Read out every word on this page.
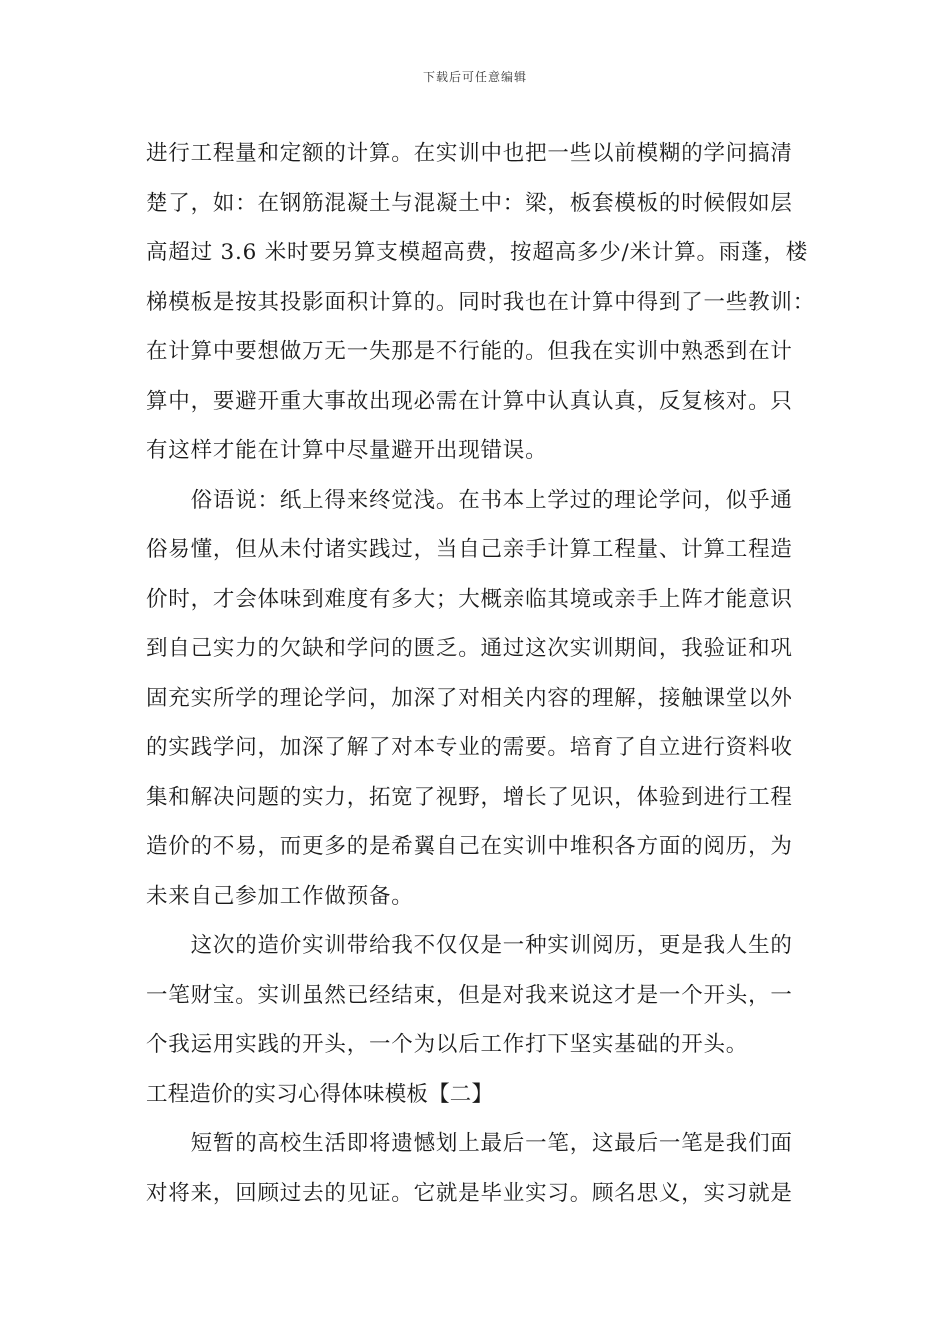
下载后可任意编辑
进行工程量和定额的计算。在实训中也把一些以前模糊的学问搞清
楚了，如：在钢筋混凝土与混凝土中：梁，板套模板的时候假如层
高超过 3.6 米时要另算支模超高费，按超高多少/米计算。雨蓬，楼
梯模板是按其投影面积计算的。同时我也在计算中得到了一些教训：
在计算中要想做万无一失那是不行能的。但我在实训中熟悉到在计
算中，要避开重大事故出现必需在计算中认真认真，反复核对。只
有这样才能在计算中尽量避开出现错误。
　　俗语说：纸上得来终觉浅。在书本上学过的理论学问，似乎通
俗易懂，但从未付诸实践过，当自己亲手计算工程量、计算工程造
价时，才会体味到难度有多大；大概亲临其境或亲手上阵才能意识
到自己实力的欠缺和学问的匮乏。通过这次实训期间，我验证和巩
固充实所学的理论学问，加深了对相关内容的理解，接触课堂以外
的实践学问，加深了解了对本专业的需要。培育了自立进行资料收
集和解决问题的实力，拓宽了视野，增长了见识，体验到进行工程
造价的不易，而更多的是希翼自己在实训中堆积各方面的阅历，为
未来自己参加工作做预备。
　　这次的造价实训带给我不仅仅是一种实训阅历，更是我人生的
一笔财宝。实训虽然已经结束，但是对我来说这才是一个开头，一
个我运用实践的开头，一个为以后工作打下坚实基础的开头。
工程造价的实习心得体味模板【二】
　　短暂的高校生活即将遗憾划上最后一笔，这最后一笔是我们面
对将来，回顾过去的见证。它就是毕业实习。顾名思义，实习就是
